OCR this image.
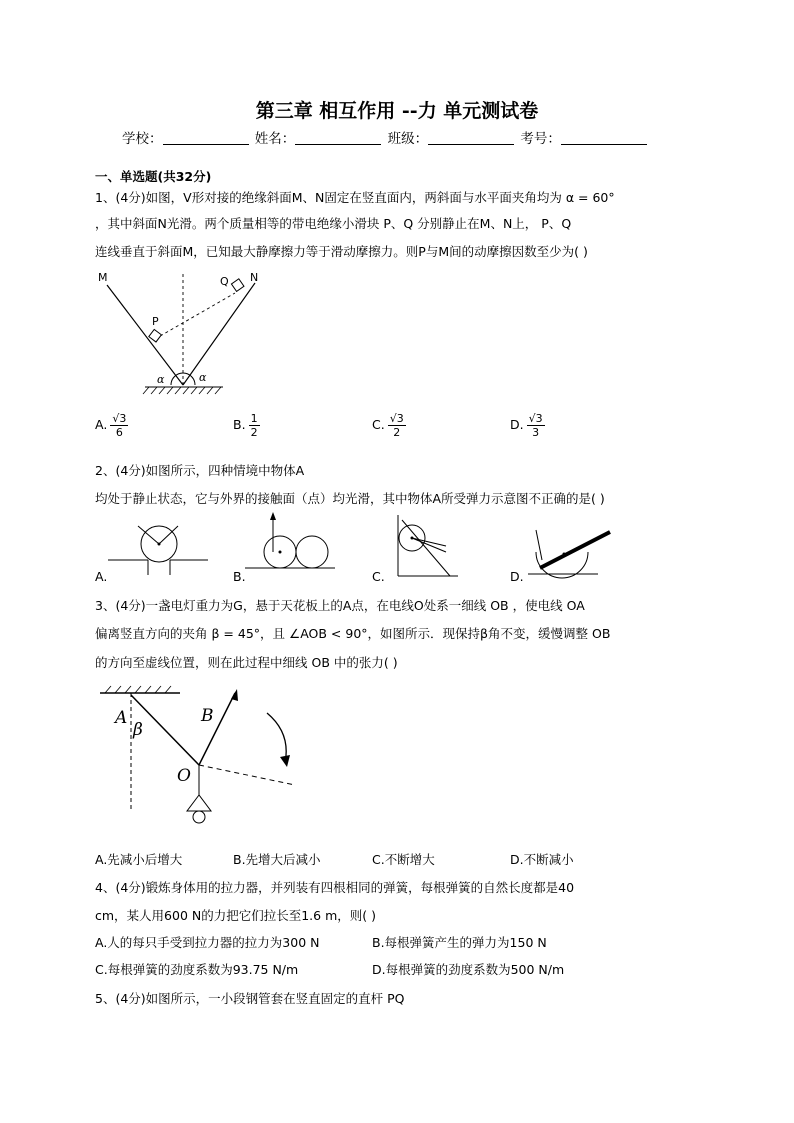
第三章 相互作用 --力 单元测试卷
学校：	姓名：	班级：	考号：
一、单选题(共32分)
1、(4分)如图，V形对接的绝缘斜面M、N固定在竖直面内，两斜面与水平面夹角均为 α = 60°
，其中斜面N光滑。两个质量相等的带电绝缘小滑块 P、Q 分别静止在M、N上， P、Q
连线垂直于斜面M，已知最大静摩擦力等于滑动摩擦力。则P与M间的动摩擦因数至少为( )
M	N
P
Q
α	α
A. $\frac{√3}{6}$	B. $\frac{1}{2}$	C. $\frac{√3}{2}$	D. $\frac{√3}{3}$
2、(4分)如图所示，四种情境中物体A
均处于静止状态，它与外界的接触面（点）均光滑，其中物体A所受弹力示意图不正确的是( )
A.	B.	C.	D.
3、(4分)一盏电灯重力为G，悬于天花板上的A点，在电线O处系一细线 OB ，使电线 OA
偏离竖直方向的夹角 β = 45°，且 ∠AOB < 90°，如图所示．现保持β角不变，缓慢调整 OB
的方向至虚线位置，则在此过程中细线 OB 中的张力( )
A
β
B
O
A.先减小后增大	B.先增大后减小	C.不断增大	D.不断减小
4、(4分)锻炼身体用的拉力器，并列装有四根相同的弹簧，每根弹簧的自然长度都是40
cm，某人用600 N的力把它们拉长至1.6 m，则( )
A.人的每只手受到拉力器的拉力为300 N	B.每根弹簧产生的弹力为150 N
C.每根弹簧的劲度系数为93.75 N/m	D.每根弹簧的劲度系数为500 N/m
5、(4分)如图所示，一小段钢管套在竖直固定的直杆 PQ
